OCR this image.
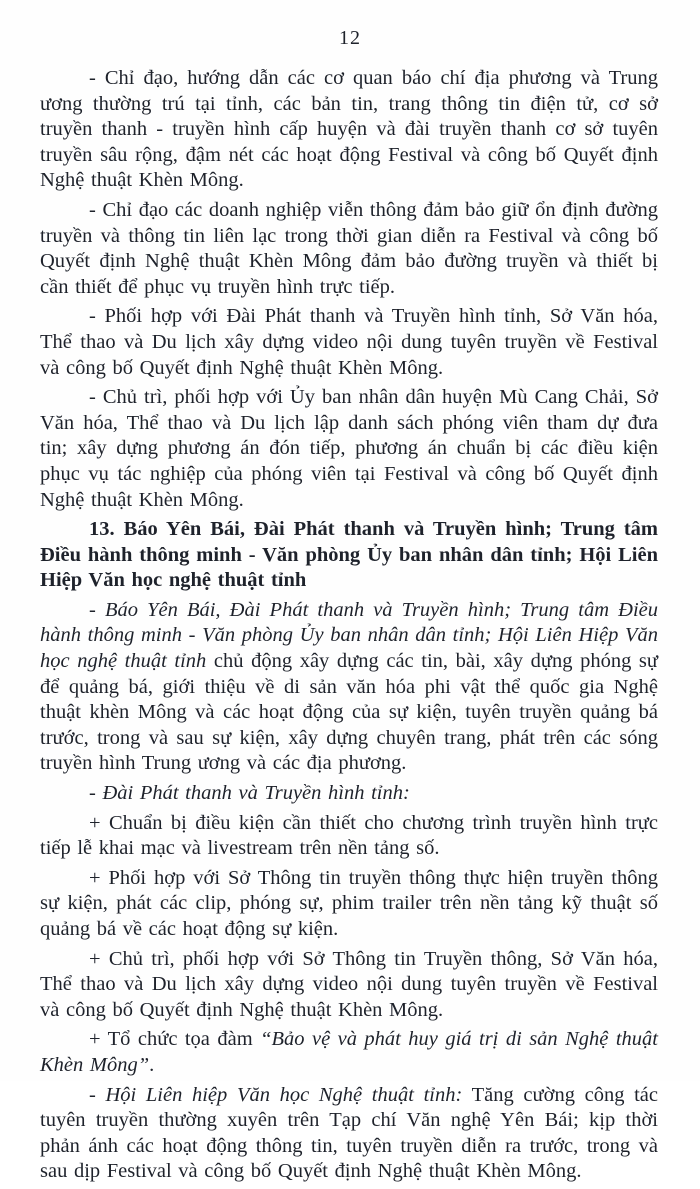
12

- Chỉ đạo, hướng dẫn các cơ quan báo chí địa phương và Trung ương thường trú tại tỉnh, các bản tin, trang thông tin điện tử, cơ sở truyền thanh - truyền hình cấp huyện và đài truyền thanh cơ sở tuyên truyền sâu rộng, đậm nét các hoạt động Festival và công bố Quyết định Nghệ thuật Khèn Mông.

- Chỉ đạo các doanh nghiệp viễn thông đảm bảo giữ ổn định đường truyền và thông tin liên lạc trong thời gian diễn ra Festival và công bố Quyết định Nghệ thuật Khèn Mông đảm bảo đường truyền và thiết bị cần thiết để phục vụ truyền hình trực tiếp.

- Phối hợp với Đài Phát thanh và Truyền hình tỉnh, Sở Văn hóa, Thể thao và Du lịch xây dựng video nội dung tuyên truyền về Festival và công bố Quyết định Nghệ thuật Khèn Mông.

- Chủ trì, phối hợp với Ủy ban nhân dân huyện Mù Cang Chải, Sở Văn hóa, Thể thao và Du lịch lập danh sách phóng viên tham dự đưa tin; xây dựng phương án đón tiếp, phương án chuẩn bị các điều kiện phục vụ tác nghiệp của phóng viên tại Festival và công bố Quyết định Nghệ thuật Khèn Mông.

13. Báo Yên Bái, Đài Phát thanh và Truyền hình; Trung tâm Điều hành thông minh - Văn phòng Ủy ban nhân dân tỉnh; Hội Liên Hiệp Văn học nghệ thuật tỉnh

- Báo Yên Bái, Đài Phát thanh và Truyền hình; Trung tâm Điều hành thông minh - Văn phòng Ủy ban nhân dân tỉnh; Hội Liên Hiệp Văn học nghệ thuật tỉnh chủ động xây dựng các tin, bài, xây dựng phóng sự để quảng bá, giới thiệu về di sản văn hóa phi vật thể quốc gia Nghệ thuật khèn Mông và các hoạt động của sự kiện, tuyên truyền quảng bá trước, trong và sau sự kiện, xây dựng chuyên trang, phát trên các sóng truyền hình Trung ương và các địa phương.

- Đài Phát thanh và Truyền hình tỉnh:

+ Chuẩn bị điều kiện cần thiết cho chương trình truyền hình trực tiếp lễ khai mạc và livestream trên nền tảng số.

+ Phối hợp với Sở Thông tin truyền thông thực hiện truyền thông sự kiện, phát các clip, phóng sự, phim trailer trên nền tảng kỹ thuật số quảng bá về các hoạt động sự kiện.

+ Chủ trì, phối hợp với Sở Thông tin Truyền thông, Sở Văn hóa, Thể thao và Du lịch xây dựng video nội dung tuyên truyền về Festival và công bố Quyết định Nghệ thuật Khèn Mông.

+ Tổ chức tọa đàm “Bảo vệ và phát huy giá trị di sản Nghệ thuật Khèn Mông”.

- Hội Liên hiệp Văn học Nghệ thuật tỉnh: Tăng cường công tác tuyên truyền thường xuyên trên Tạp chí Văn nghệ Yên Bái; kịp thời phản ánh các hoạt động thông tin, tuyên truyền diễn ra trước, trong và sau dịp Festival và công bố Quyết định Nghệ thuật Khèn Mông.
